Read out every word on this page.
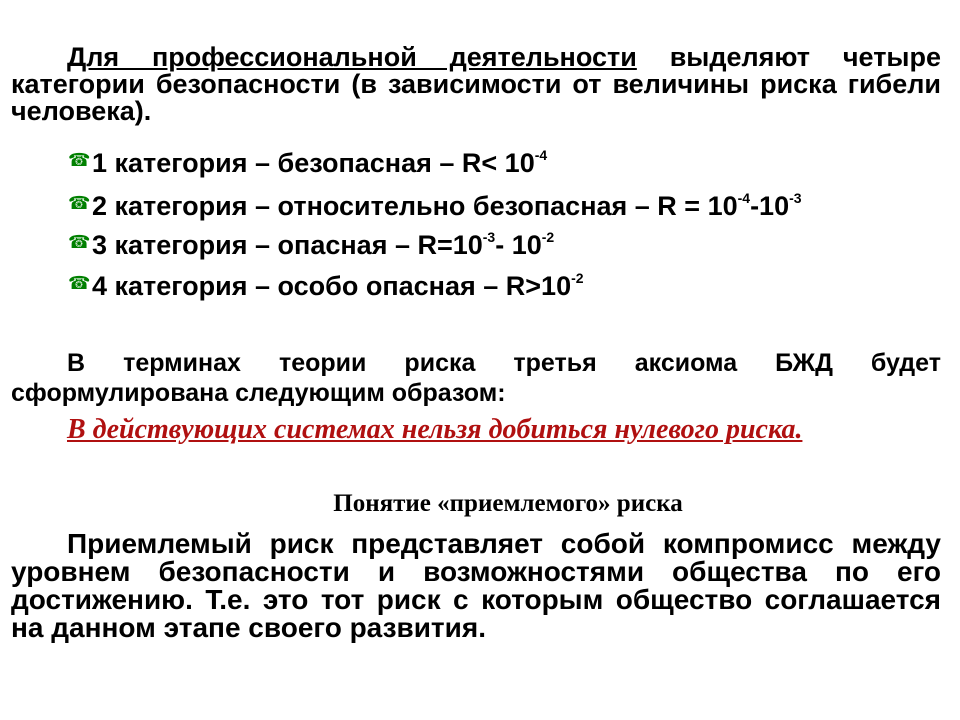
Для профессиональной деятельности выделяют четыре категории безопасности (в зависимости от величины риска гибели человека).

☎1 категория – безопасная – $R< 10^{-4}$
☎2 категория – относительно безопасная – $R = 10^{-4}-10^{-3}$
☎3 категория – опасная – $R=10^{-3}-$ $10^{-2}$
☎4 категория – особо опасная – $R>10^{-2}$

В терминах теории риска третья аксиома БЖД будет сформулирована следующим образом:

В действующих системах нельзя добиться нулевого риска.

Понятие «приемлемого» риска

Приемлемый риск представляет собой компромисс между уровнем безопасности и возможностями общества по его достижению. Т.е. это тот риск с которым общество соглашается на данном этапе своего развития.
